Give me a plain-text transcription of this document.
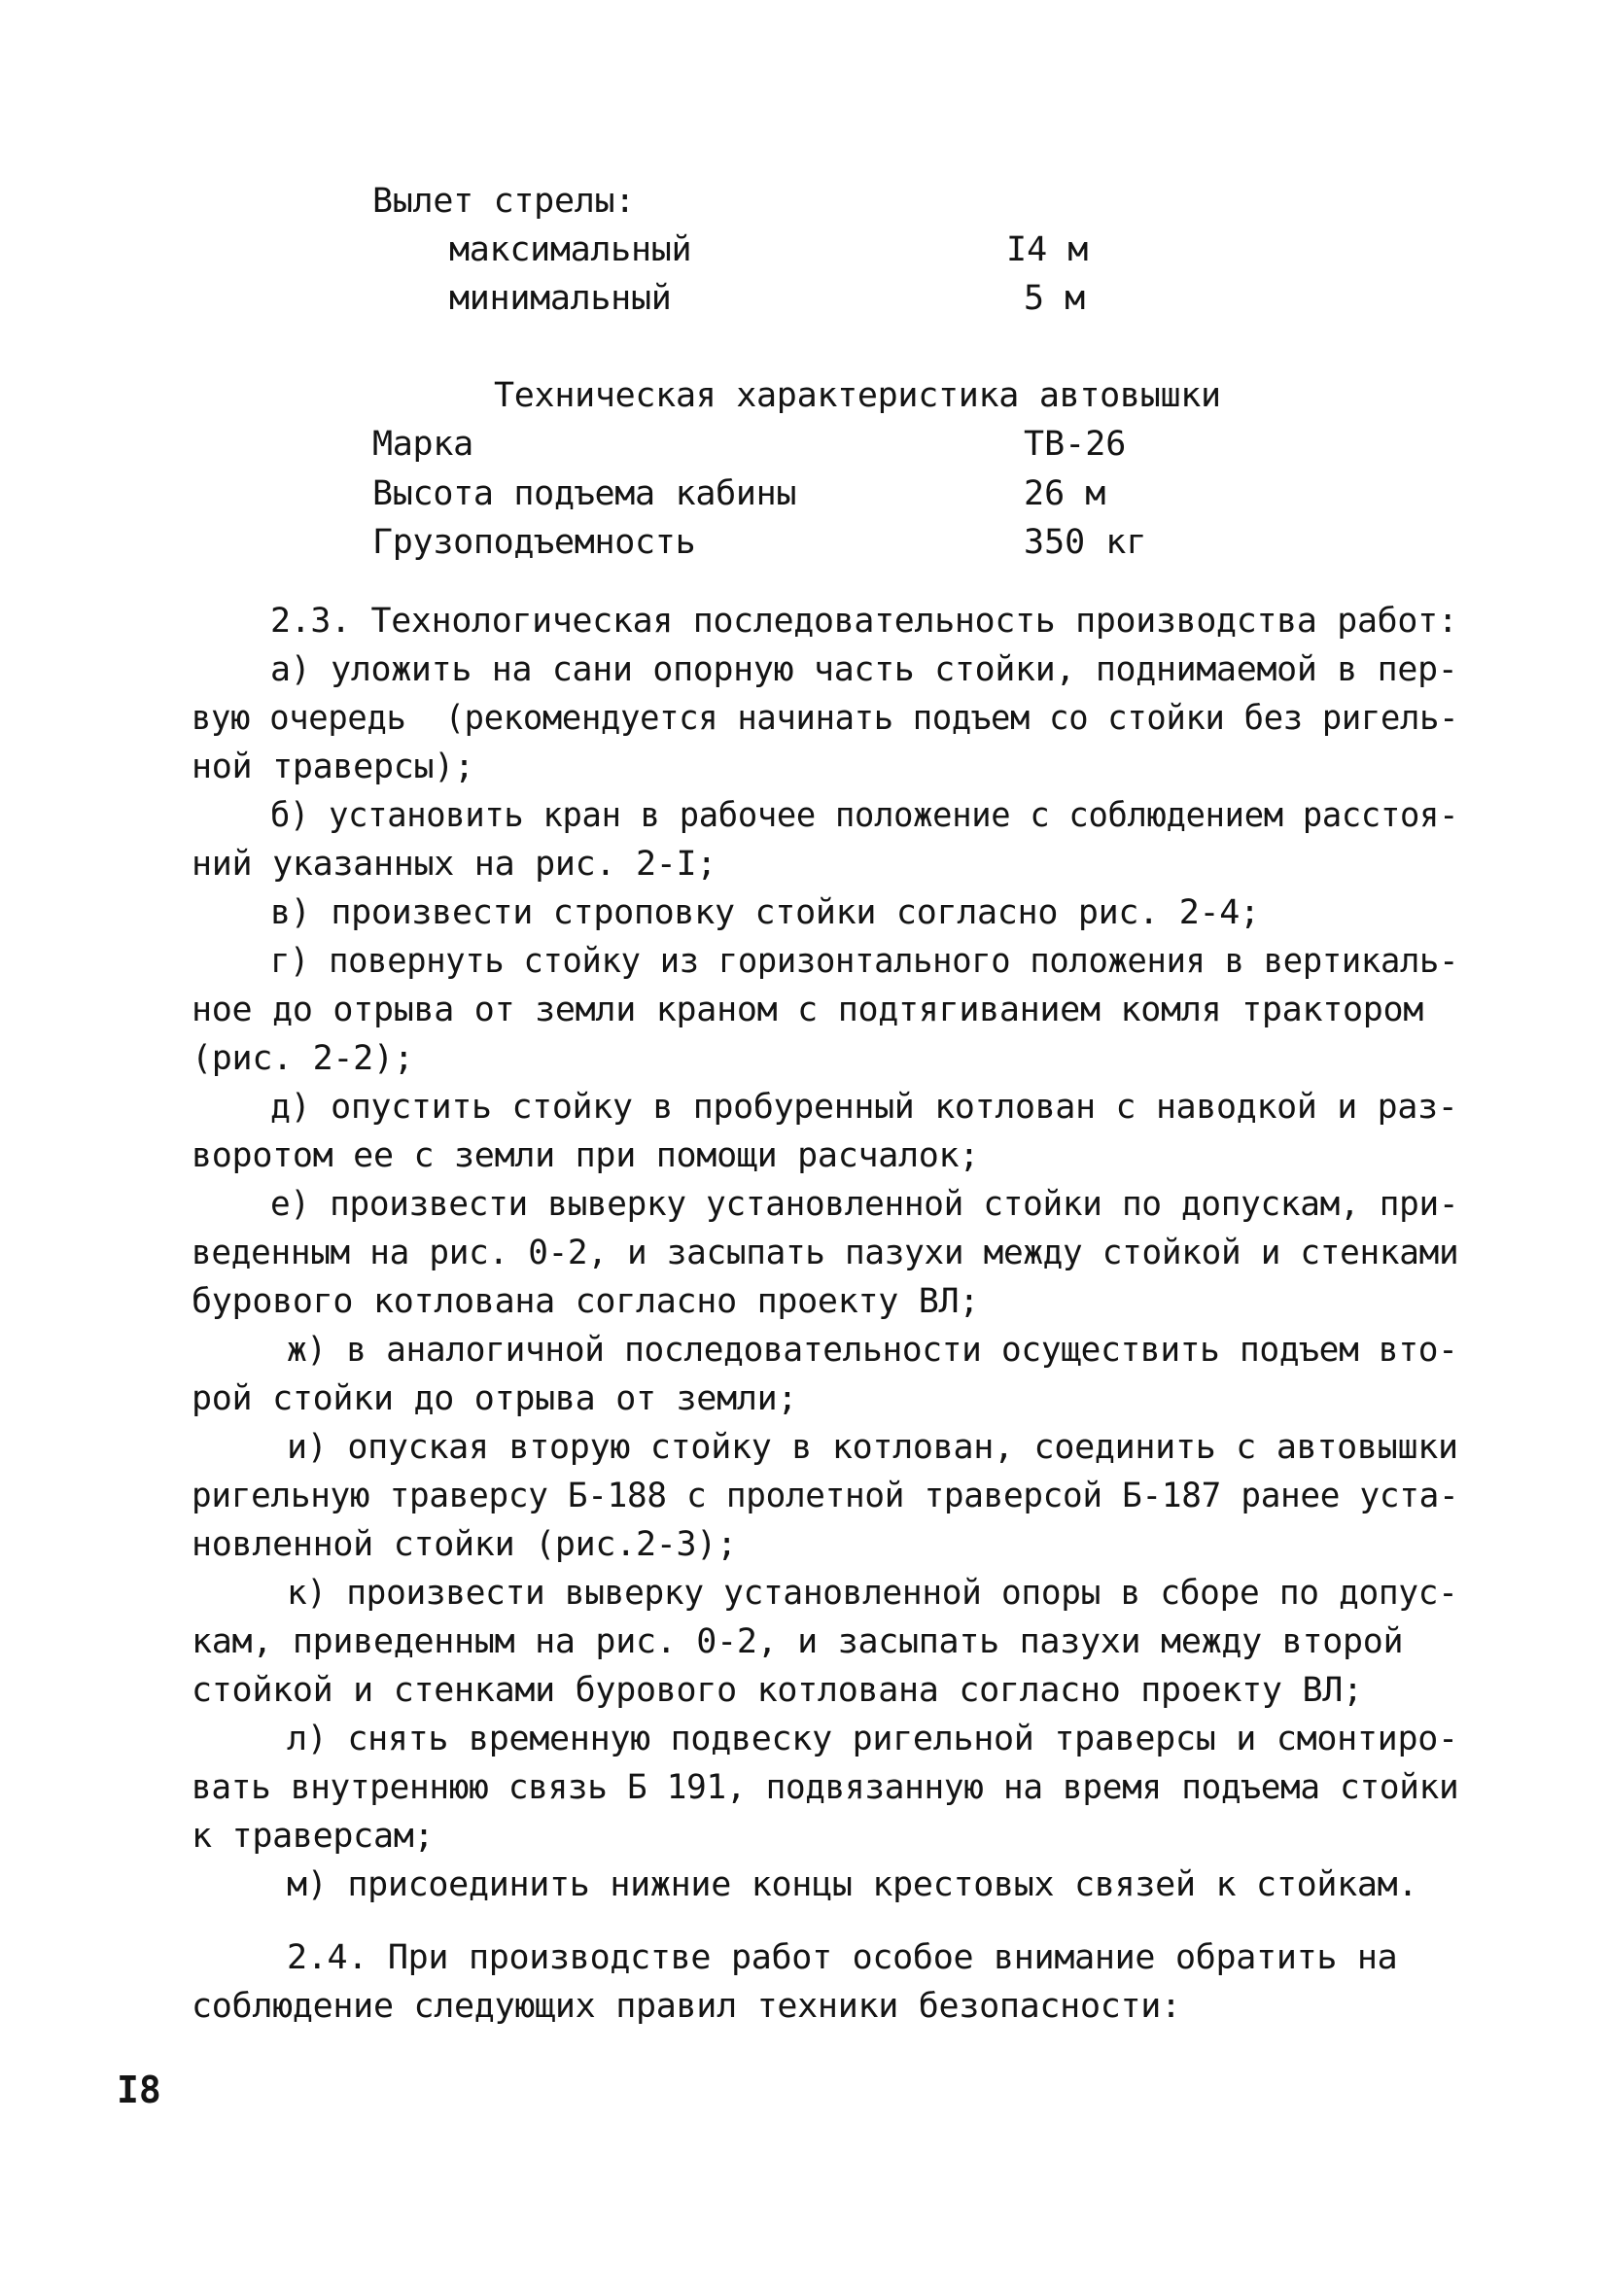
Вылет стрелы:
максимальный	I4 м
минимальный	5 м
Техническая характеристика автовышки
Марка	ТВ-26
Высота подъема кабины	26 м
Грузоподъемность	350 кг
2.3. Технологическая последовательность производства работ:
а) уложить на сани опорную часть стойки, поднимаемой в пер-
вую очередь  (рекомендуется начинать подъем со стойки без ригель-
ной траверсы);
б) установить кран в рабочее положение с соблюдением расстоя-
ний указанных на рис. 2-I;
в) произвести строповку стойки согласно рис. 2-4;
г) повернуть стойку из горизонтального положения в вертикаль-
ное до отрыва от земли краном с подтягиванием комля трактором
(рис. 2-2);
д) опустить стойку в пробуренный котлован с наводкой и раз-
воротом ее с земли при помощи расчалок;
е) произвести выверку установленной стойки по допускам, при-
веденным на рис. 0-2, и засыпать пазухи между стойкой и стенками
бурового котлована согласно проекту ВЛ;
ж) в аналогичной последовательности осуществить подъем вто-
рой стойки до отрыва от земли;
и) опуская вторую стойку в котлован, соединить с автовышки
ригельную траверсу Б-188 с пролетной траверсой Б-187 ранее уста-
новленной стойки (рис.2-3);
к) произвести выверку установленной опоры в сборе по допус-
кам, приведенным на рис. 0-2, и засыпать пазухи между второй
стойкой и стенками бурового котлована согласно проекту ВЛ;
л) снять временную подвеску ригельной траверсы и смонтиро-
вать внутреннюю связь Б 191, подвязанную на время подъема стойки
к траверсам;
м) присоединить нижние концы крестовых связей к стойкам.
2.4. При производстве работ особое внимание обратить на
соблюдение следующих правил техники безопасности:
I8
